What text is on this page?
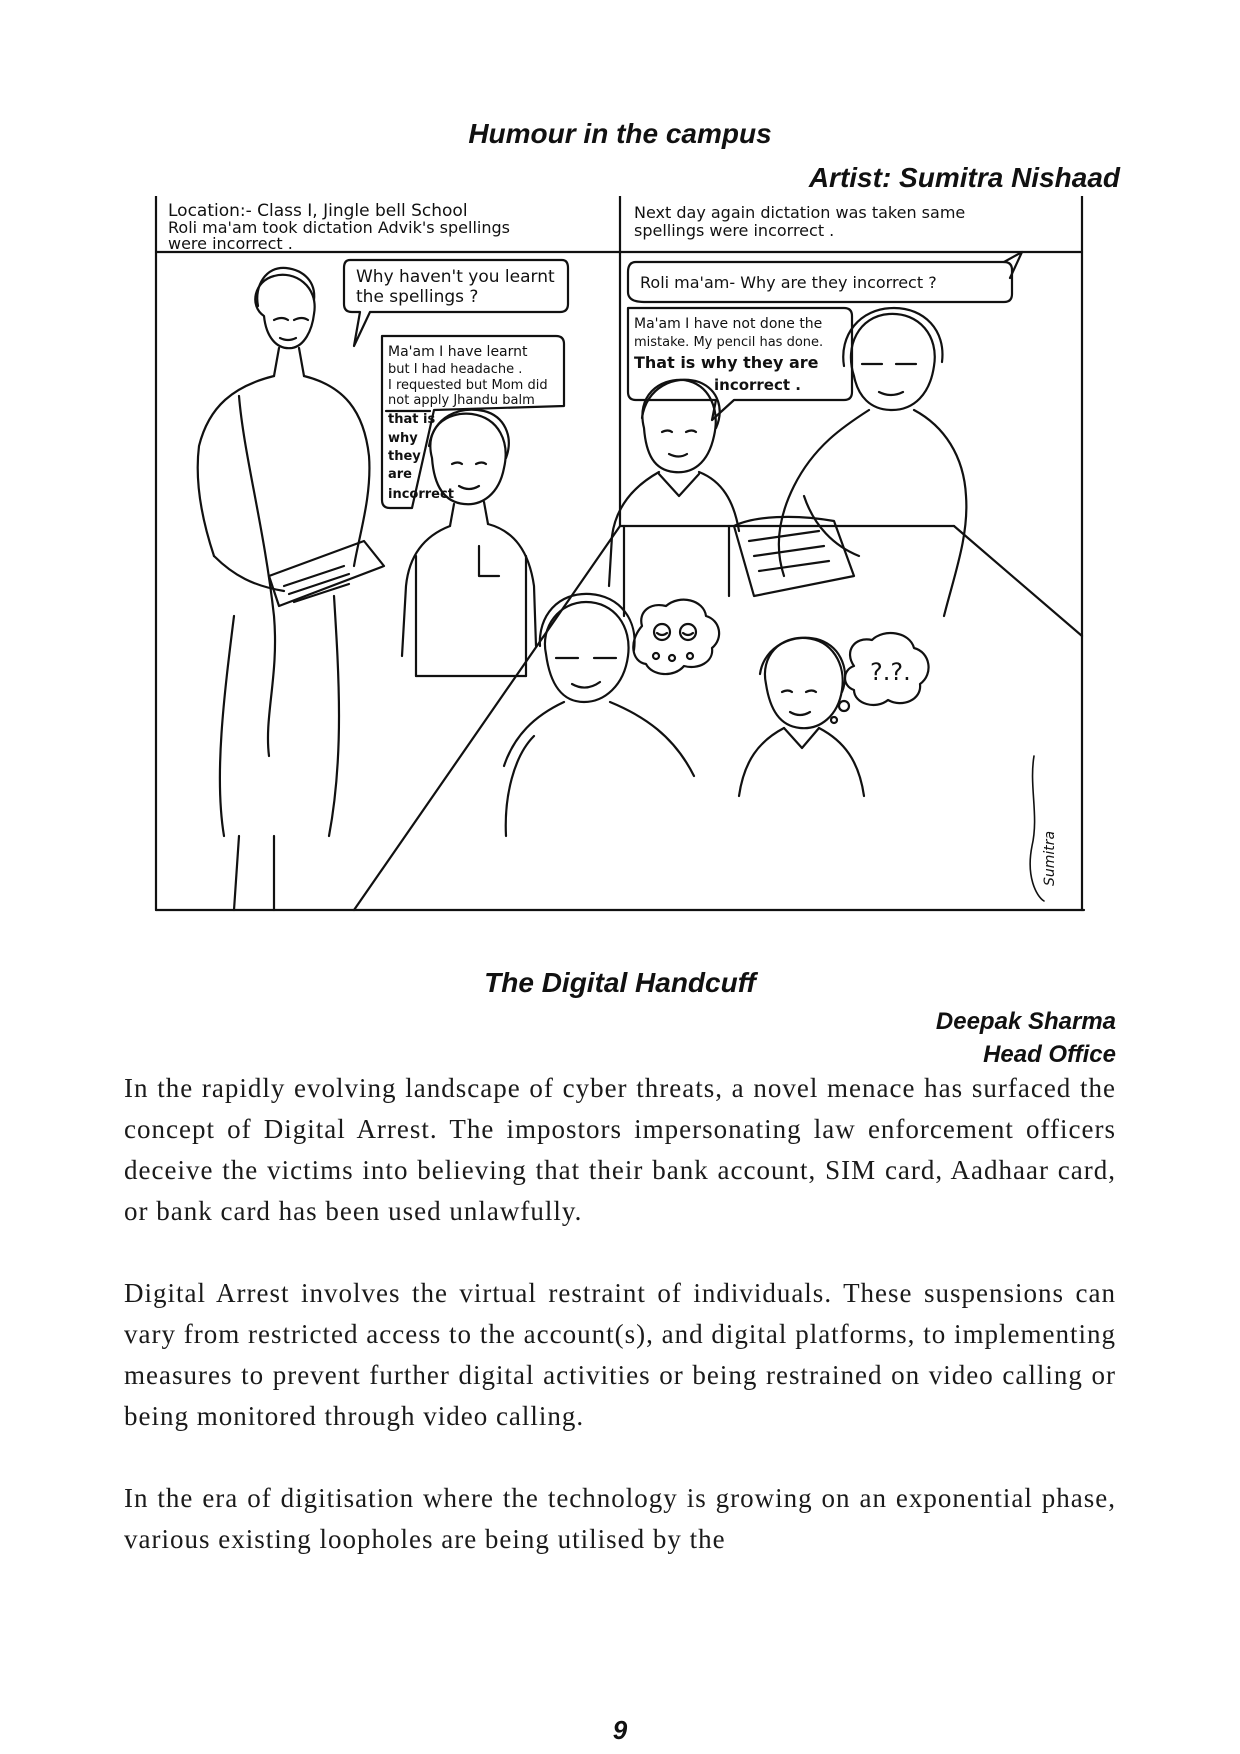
Humour in the campus
Artist: Sumitra Nishaad
Location:- Class I, Jingle bell School
Roli ma'am took dictation Advik's spellings
were incorrect .
Next day again dictation was taken same
spellings were incorrect .
Why haven't you learnt
the spellings ?
Ma'am I have learnt
but I had headache .
I requested but Mom did
not apply Jhandu balm
that is
why
they
are
incorrect
Roli ma'am- Why are they incorrect ?
Ma'am I have not done the
mistake. My pencil has done.
That is why they are
incorrect .
?.?.
Sumitra
The Digital Handcuff
Deepak Sharma
Head Office

In the rapidly evolving landscape of cyber threats, a novel menace has surfaced the concept of Digital Arrest. The impostors impersonating law enforcement officers deceive the victims into believing that their bank account, SIM card, Aadhaar card, or bank card has been used unlawfully.

Digital Arrest involves the virtual restraint of individuals. These suspensions can vary from restricted access to the account(s), and digital platforms, to implementing measures to prevent further digital activities or being restrained on video calling or being monitored through video calling.

In the era of digitisation where the technology is growing on an exponential phase, various existing loopholes are being utilised by the

9
